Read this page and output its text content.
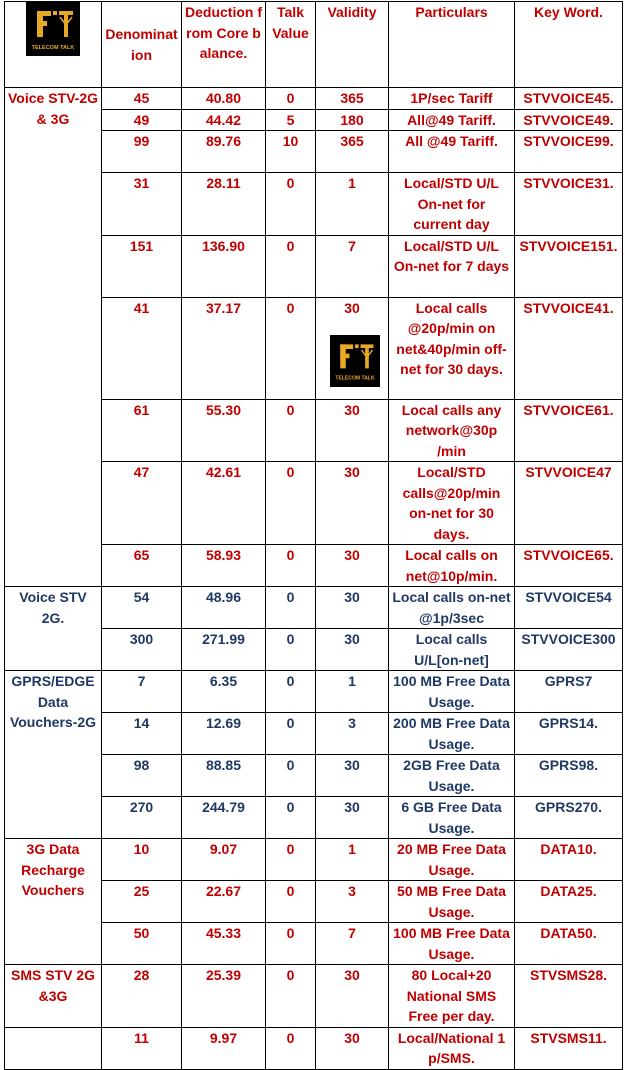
TELECOM TALK	Denomination	Deduction from Core balance.	Talk Value	Validity	Particulars	Key Word.
Voice STV-2G & 3G	45	40.80	0	365	1P/sec Tariff	STVVOICE45.
	49	44.42	5	180	All@49 Tariff.	STVVOICE49.
	99	89.76	10	365	All @49 Tariff.	STVVOICE99.
	31	28.11	0	1	Local/STD U/L On-net for current day	STVVOICE31.
	151	136.90	0	7	Local/STD U/L On-net for 7 days	STVVOICE151.
	41	37.17	0	30	Local calls @20p/min on net&40p/min off-net for 30 days.	STVVOICE41.
	61	55.30	0	30	Local calls any network@30p /min	STVVOICE61.
	47	42.61	0	30	Local/STD calls@20p/min on-net for 30 days.	STVVOICE47
	65	58.93	0	30	Local calls on net@10p/min.	STVVOICE65.
Voice STV 2G.	54	48.96	0	30	Local calls on-net @1p/3sec	STVVOICE54
	300	271.99	0	30	Local calls U/L[on-net]	STVVOICE300
GPRS/EDGE Data Vouchers-2G	7	6.35	0	1	100 MB Free Data Usage.	GPRS7
	14	12.69	0	3	200 MB Free Data Usage.	GPRS14.
	98	88.85	0	30	2GB Free Data Usage.	GPRS98.
	270	244.79	0	30	6 GB Free Data Usage.	GPRS270.
3G Data Recharge Vouchers	10	9.07	0	1	20 MB Free Data Usage.	DATA10.
	25	22.67	0	3	50 MB Free Data Usage.	DATA25.
	50	45.33	0	7	100 MB Free Data Usage.	DATA50.
SMS STV 2G &3G	28	25.39	0	30	80 Local+20 National SMS Free per day.	STVSMS28.
	11	9.97	0	30	Local/National 1 p/SMS.	STVSMS11.
TELECOM TALK
